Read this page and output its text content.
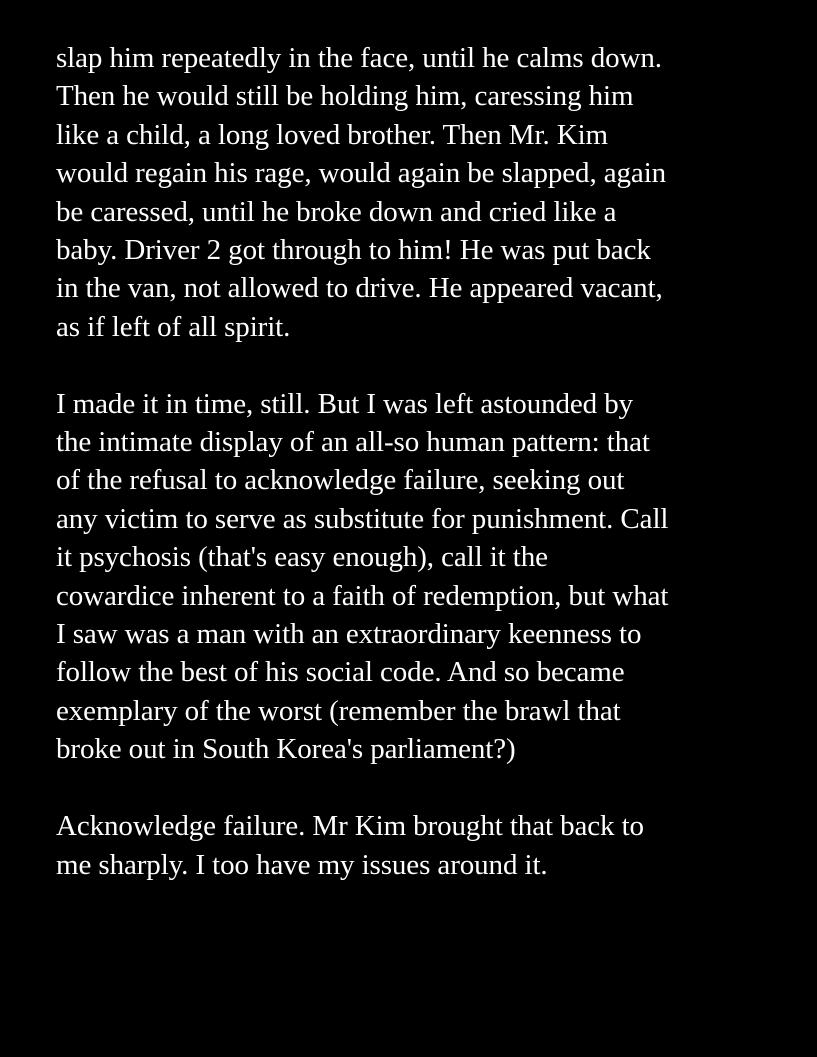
slap him repeatedly in the face, until he calms down.
Then he would still be holding him, caressing him
like a child, a long loved brother. Then Mr. Kim
would regain his rage, would again be slapped, again
be caressed, until he broke down and cried like a
baby. Driver 2 got through to him! He was put back
in the van, not allowed to drive. He appeared vacant,
as if left of all spirit.

I made it in time, still. But I was left astounded by
the intimate display of an all-so human pattern: that
of the refusal to acknowledge failure, seeking out
any victim to serve as substitute for punishment. Call
it psychosis (that's easy enough), call it the
cowardice inherent to a faith of redemption, but what
I saw was a man with an extraordinary keenness to
follow the best of his social code. And so became
exemplary of the worst (remember the brawl that
broke out in South Korea's parliament?)

Acknowledge failure. Mr Kim brought that back to
me sharply. I too have my issues around it.
